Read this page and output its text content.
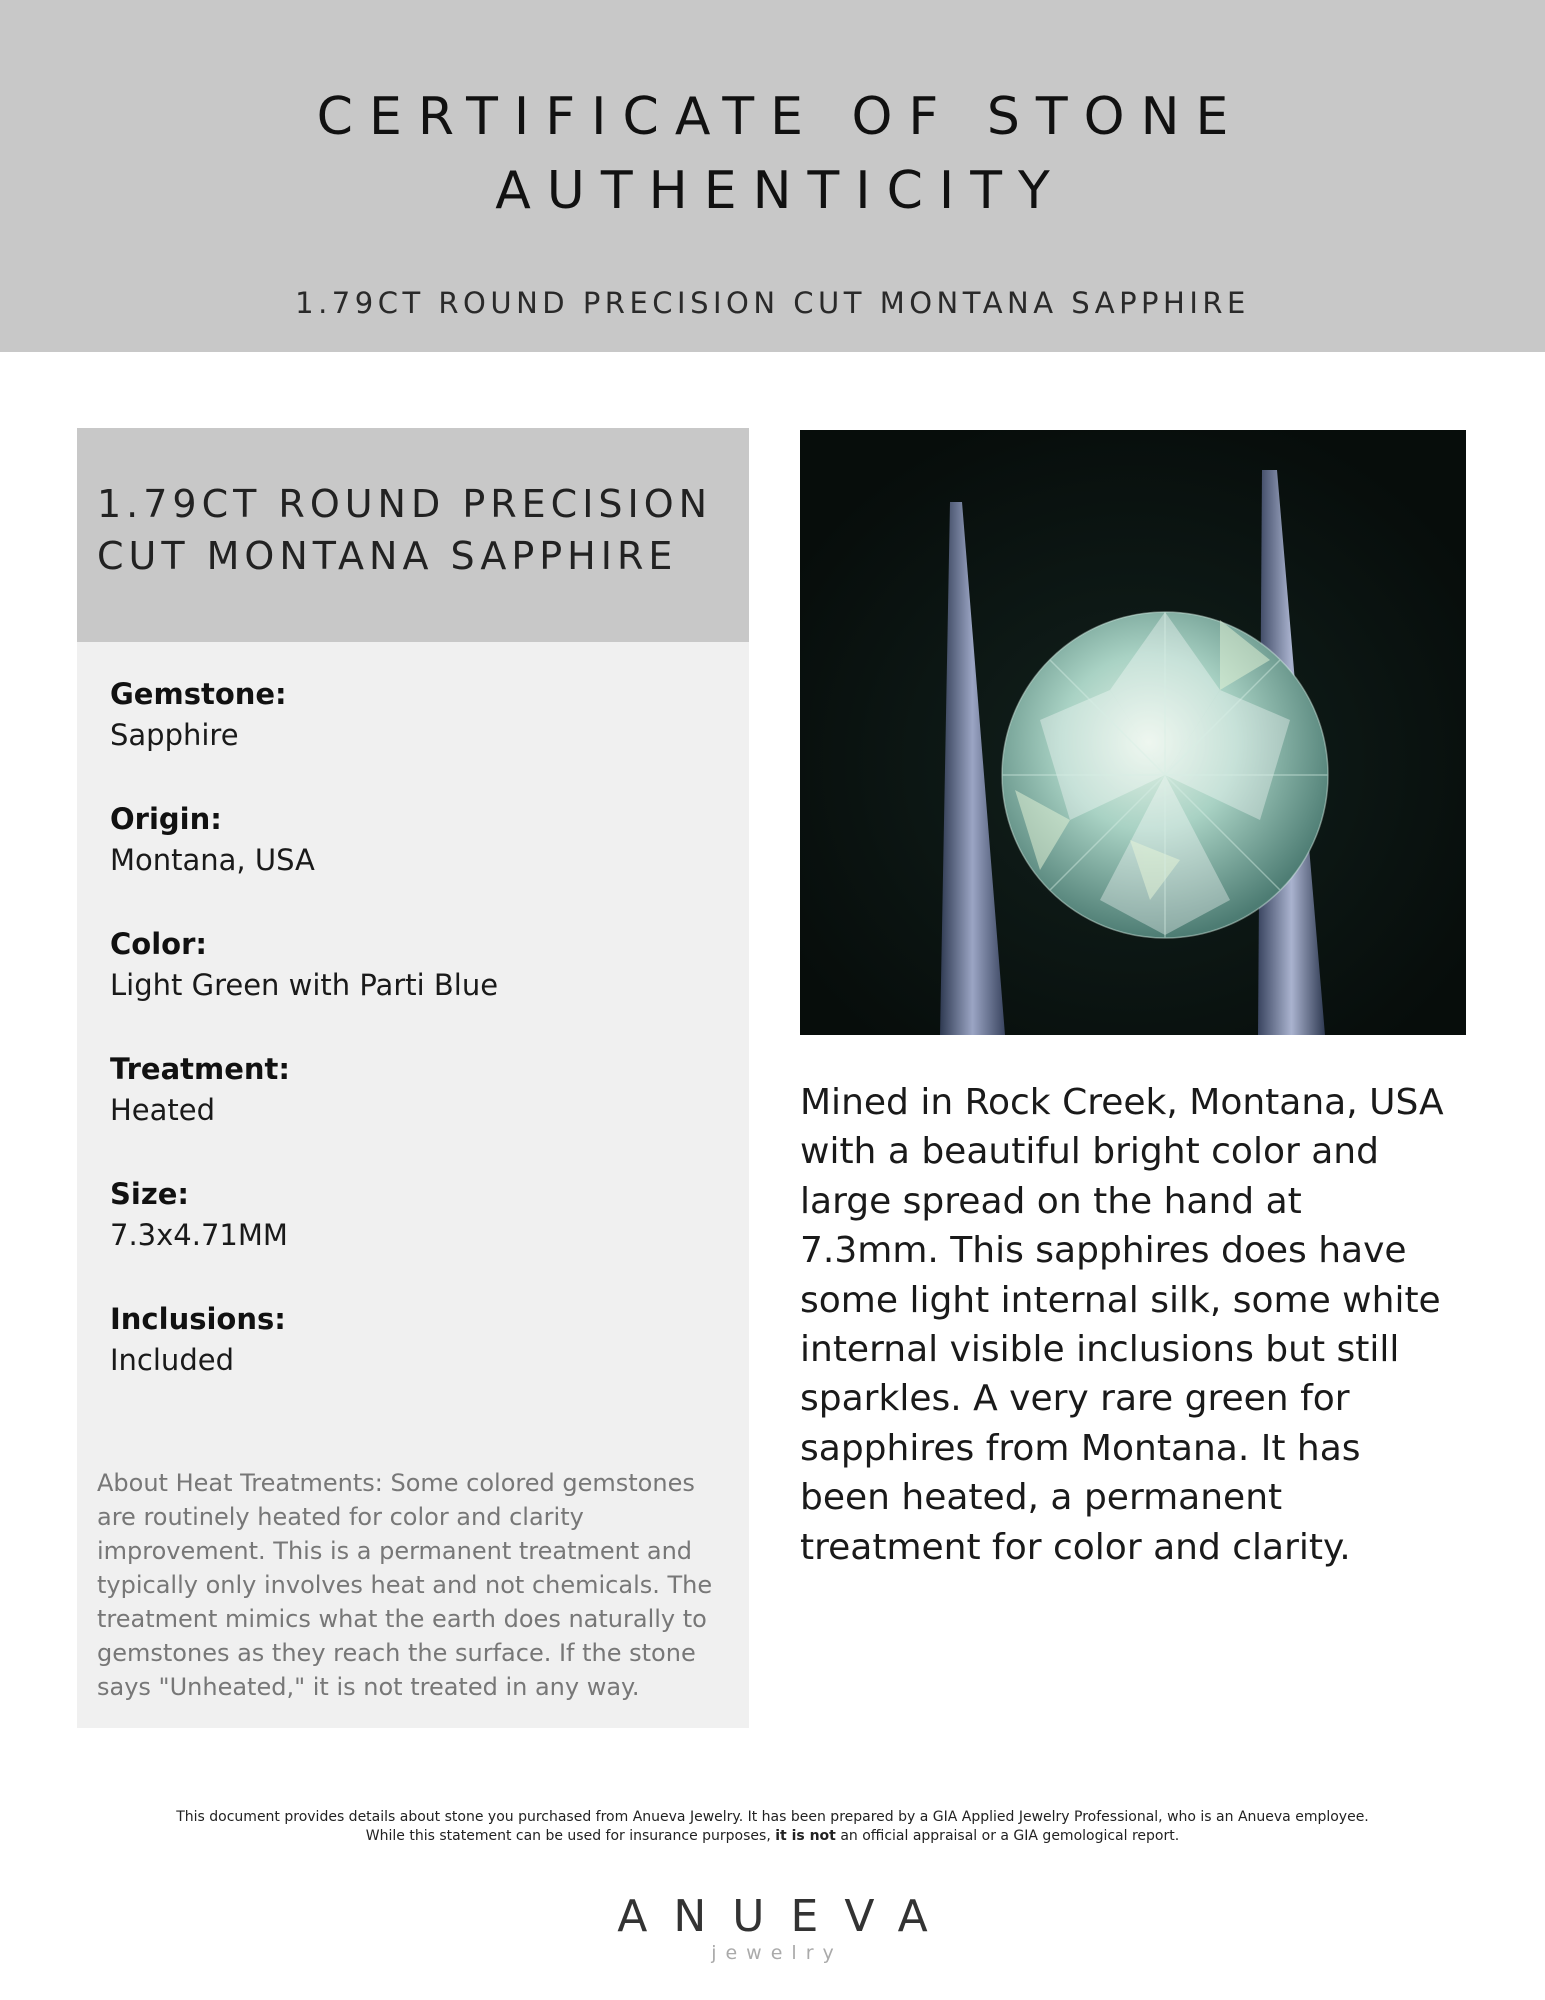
CERTIFICATE OF STONE
AUTHENTICITY
1.79CT ROUND PRECISION CUT MONTANA SAPPHIRE
1.79CT ROUND PRECISION
CUT MONTANA SAPPHIRE
Gemstone:
Sapphire
Origin:
Montana, USA
Color:
Light Green with Parti Blue
Treatment:
Heated
Size:
7.3x4.71MM
Inclusions:
Included
About Heat Treatments: Some colored gemstones are routinely heated for color and clarity improvement. This is a permanent treatment and typically only involves heat and not chemicals. The treatment mimics what the earth does naturally to gemstones as they reach the surface. If the stone says "Unheated," it is not treated in any way.
Mined in Rock Creek, Montana, USA with a beautiful bright color and large spread on the hand at 7.3mm. This sapphires does have some light internal silk, some white internal visible inclusions but still sparkles. A very rare green for sapphires from Montana. It has been heated, a permanent treatment for color and clarity.
This document provides details about stone you purchased from Anueva Jewelry. It has been prepared by a GIA Applied Jewelry Professional, who is an Anueva employee.
While this statement can be used for insurance purposes, it is not an official appraisal or a GIA gemological report.
ANUEVA
jewelry
